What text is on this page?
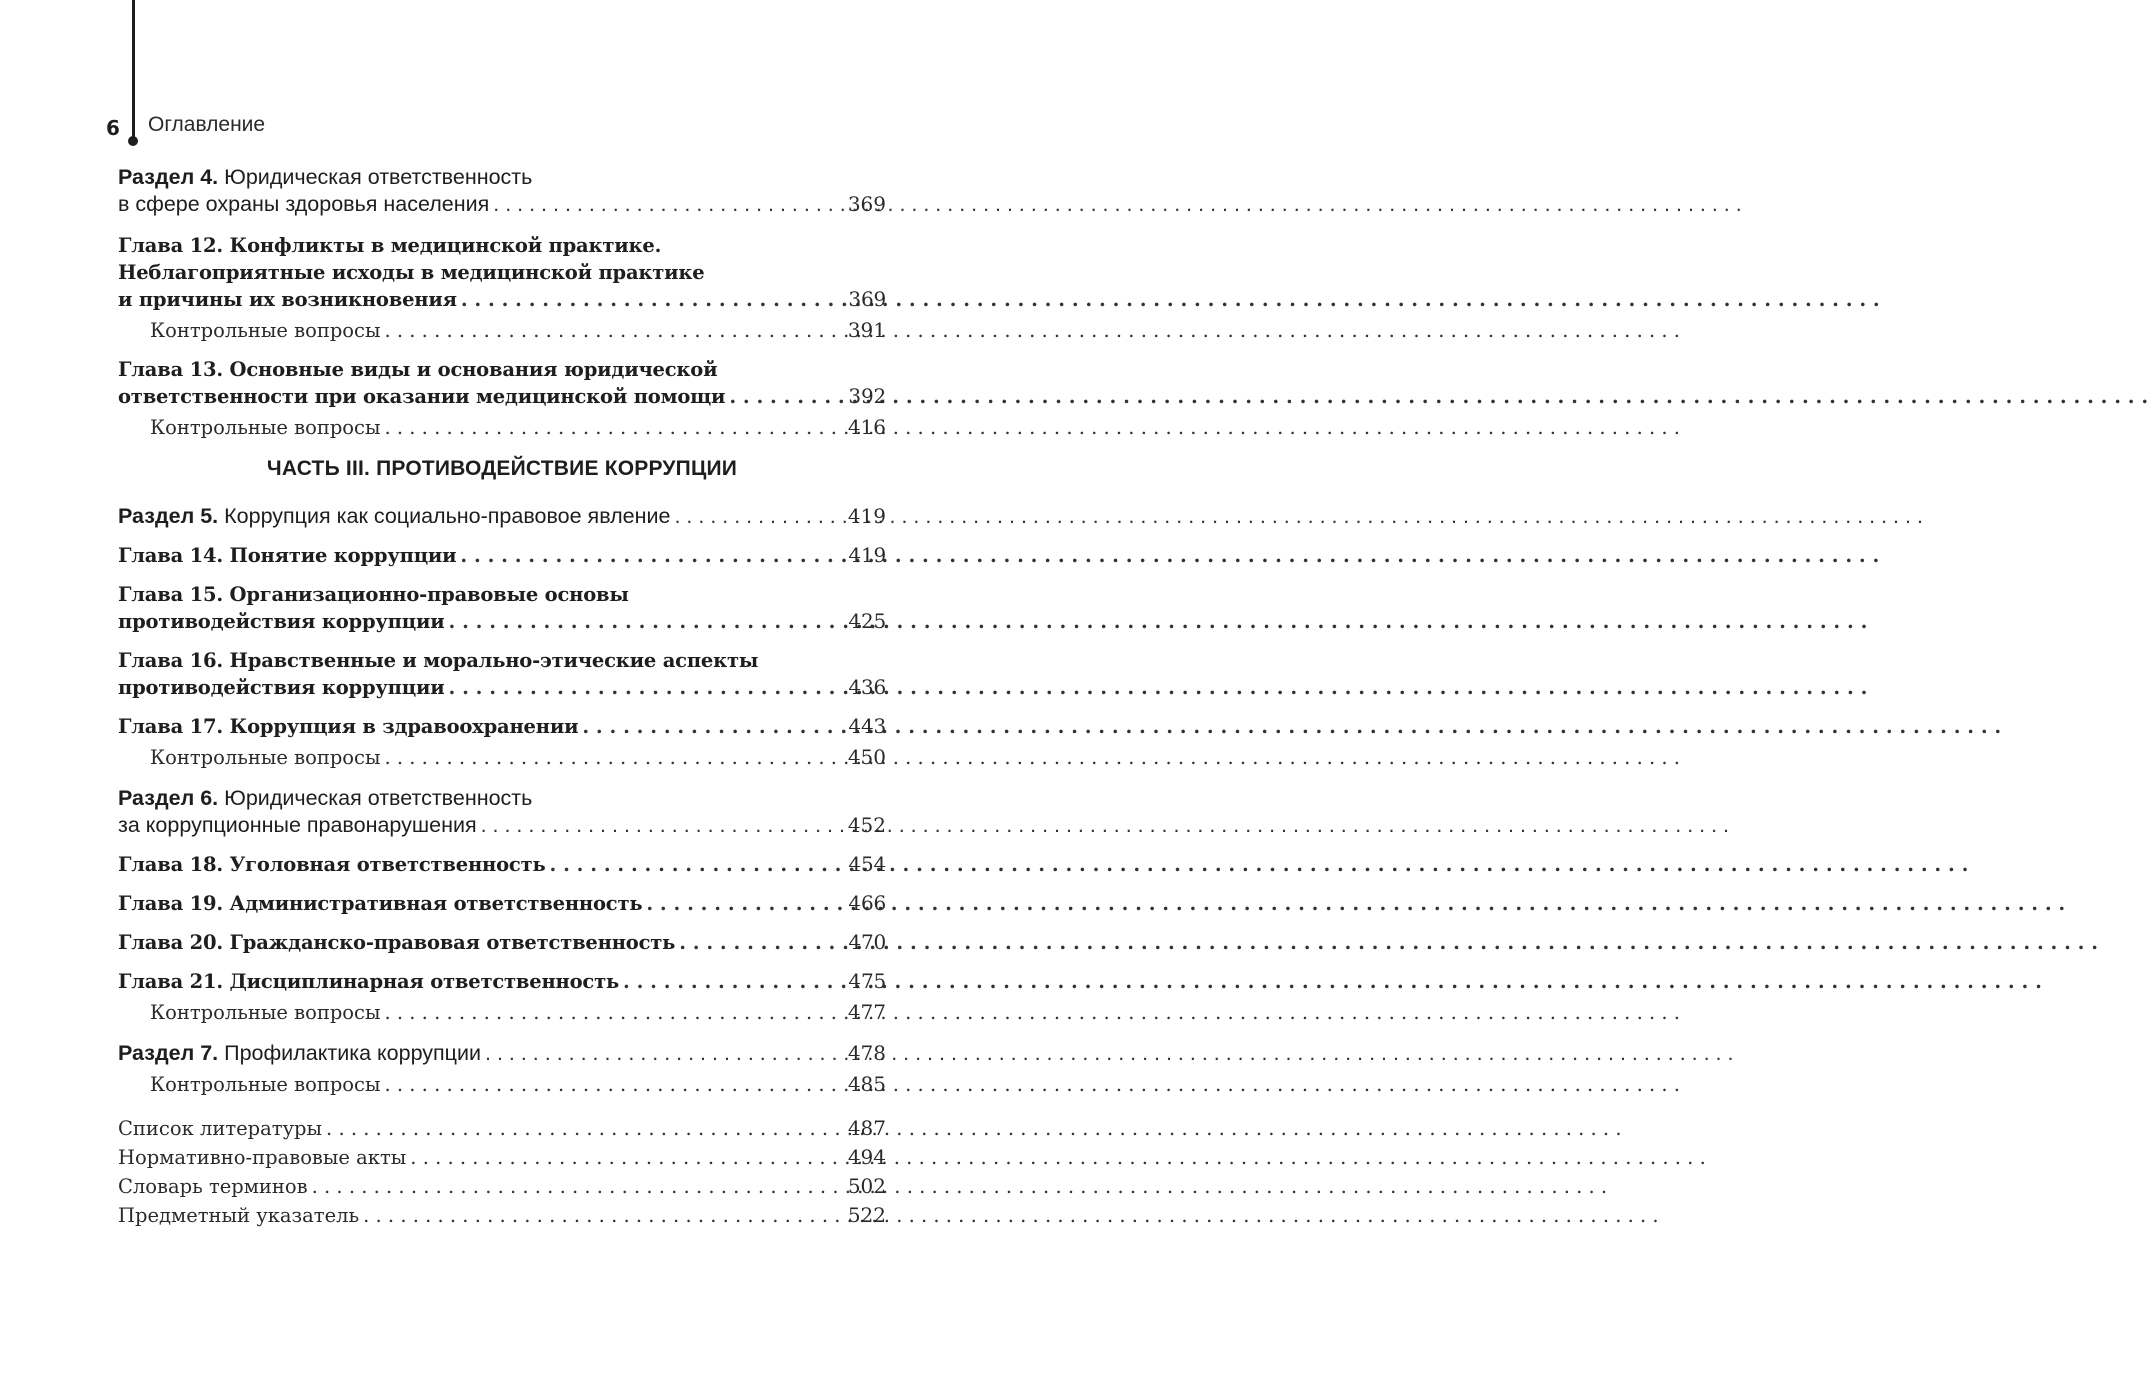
6 Оглавление
Раздел 4. Юридическая ответственность
в сфере охраны здоровья населения . . .	369
Глава 12. Конфликты в медицинской практике.
Неблагоприятные исходы в медицинской практике
и причины их возникновения . . .	369
Контрольные вопросы . . .	391
Глава 13. Основные виды и основания юридической
ответственности при оказании медицинской помощи . . .	392
Контрольные вопросы . . .	416
ЧАСТЬ III. ПРОТИВОДЕЙСТВИЕ КОРРУПЦИИ
Раздел 5. Коррупция как социально-правовое явление . . .	419
Глава 14. Понятие коррупции . . .	419
Глава 15. Организационно-правовые основы
противодействия коррупции . . .	425
Глава 16. Нравственные и морально-этические аспекты
противодействия коррупции . . .	436
Глава 17. Коррупция в здравоохранении . . .	443
Контрольные вопросы . . .	450
Раздел 6. Юридическая ответственность
за коррупционные правонарушения . . .	452
Глава 18. Уголовная ответственность . . .	454
Глава 19. Административная ответственность . . .	466
Глава 20. Гражданско-правовая ответственность . . .	470
Глава 21. Дисциплинарная ответственность . . .	475
Контрольные вопросы . . .	477
Раздел 7. Профилактика коррупции . . .	478
Контрольные вопросы . . .	485
Список литературы . . .	487
Нормативно-правовые акты . . .	494
Словарь терминов . . .	502
Предметный указатель . . .	522
